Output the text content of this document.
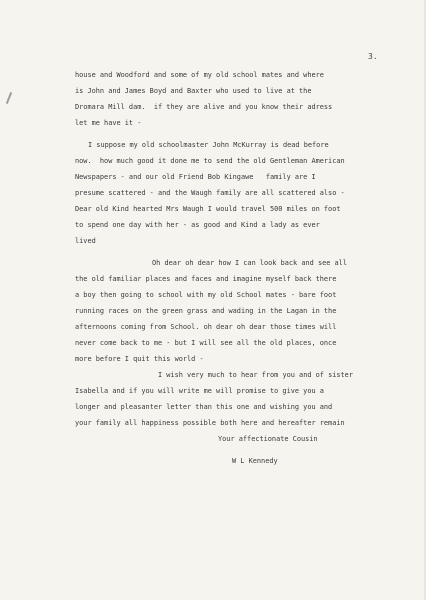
3.
house and Woodford and some of my old school mates and where
is John and James Boyd and Baxter who used to live at the
Dromara Mill dam.  if they are alive and you know their adress
let me have it -
I suppose my old schoolmaster John McKurray is dead before
now.  how much good it done me to send the old Gentleman American
Newspapers - and our old Friend Bob Kingawe   family are I
presume scattered - and the Waugh family are all scattered also -
Dear old Kind hearted Mrs Waugh I would travel 500 miles on foot
to spend one day with her - as good and Kind a lady as ever
lived
Oh dear oh dear how I can look back and see all
the old familiar places and faces and imagine myself back there
a boy then going to school with my old School mates - bare foot
running races on the green grass and wading in the Lagan in the
afternoons coming from School. oh dear oh dear those times will
never come back to me - but I will see all the old places, once
more before I quit this world -
I wish very much to hear from you and of sister
Isabella and if you will write me will promise to give you a
longer and pleasanter letter than this one and wishing you and
your family all happiness possible both here and hereafter remain
Your affectionate Cousin
W L Kennedy
